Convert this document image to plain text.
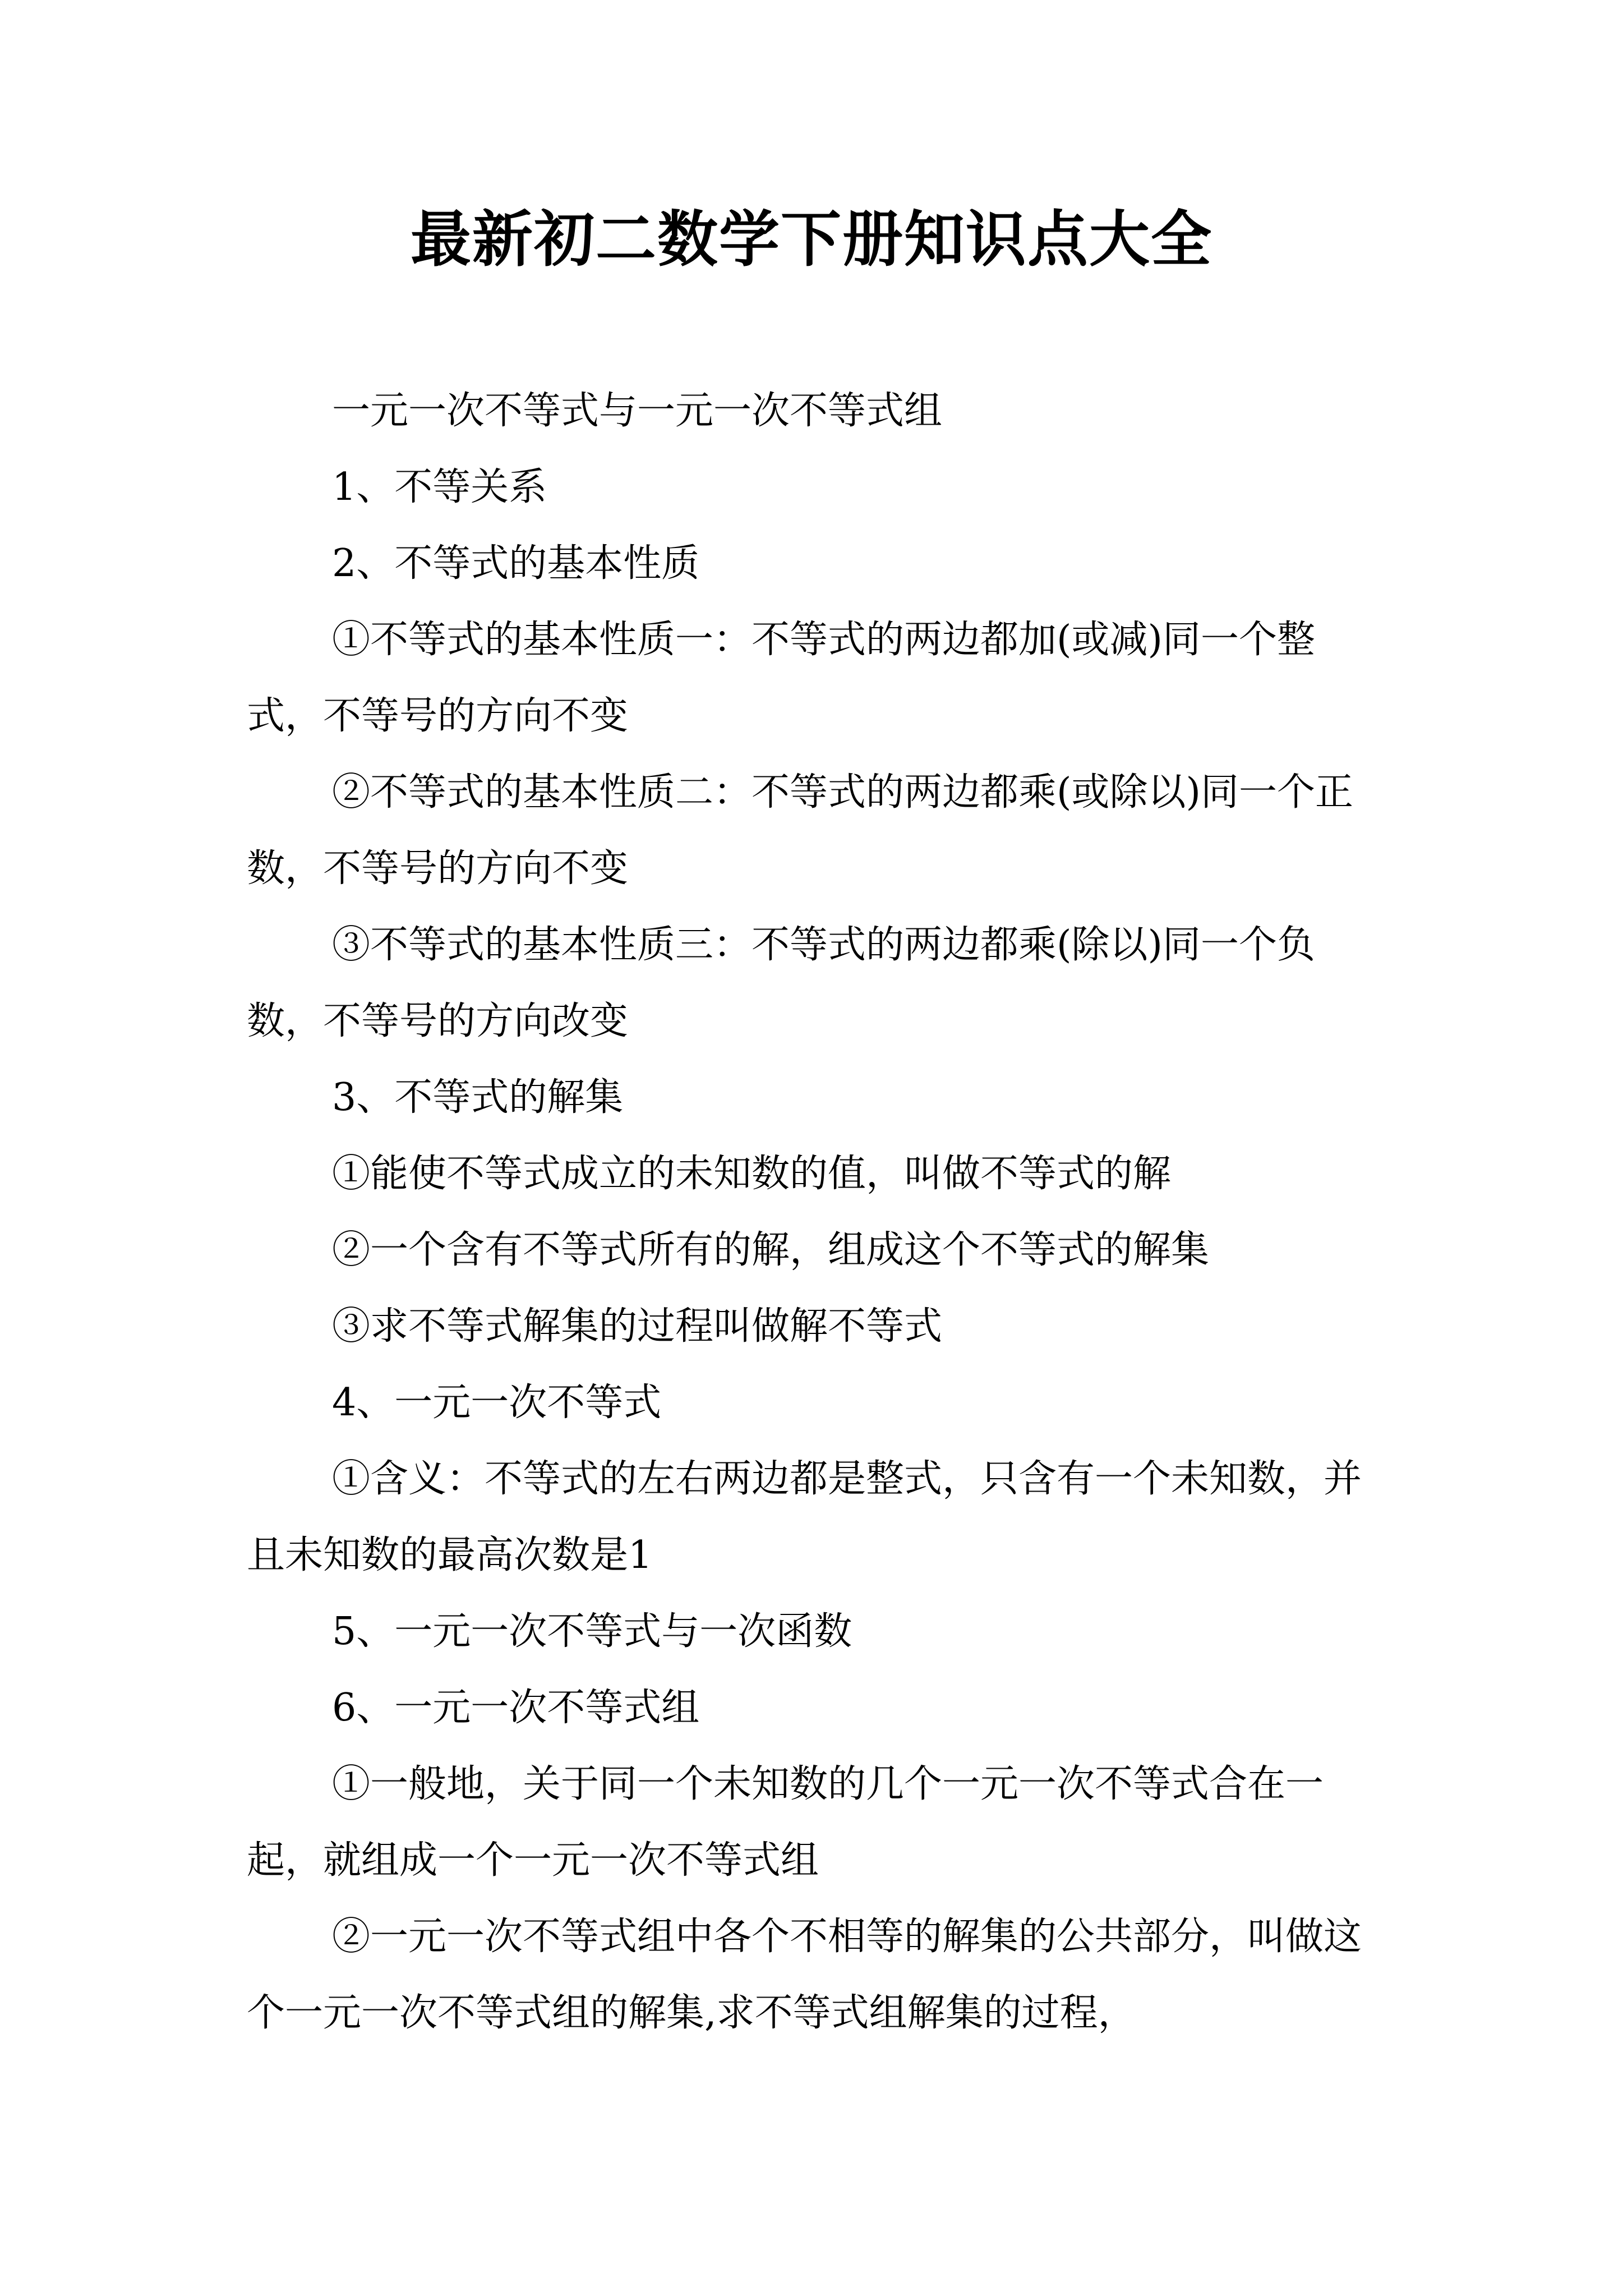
最新初二数学下册知识点大全

一元一次不等式与一元一次不等式组

1、不等关系

2、不等式的基本性质

①不等式的基本性质一：不等式的两边都加(或减)同一个整式，不等号的方向不变

②不等式的基本性质二：不等式的两边都乘(或除以)同一个正数，不等号的方向不变

③不等式的基本性质三：不等式的两边都乘(除以)同一个负数，不等号的方向改变

3、不等式的解集

①能使不等式成立的未知数的值，叫做不等式的解

②一个含有不等式所有的解，组成这个不等式的解集

③求不等式解集的过程叫做解不等式

4、一元一次不等式

①含义：不等式的左右两边都是整式，只含有一个未知数，并且未知数的最高次数是1

5、一元一次不等式与一次函数

6、一元一次不等式组

①一般地，关于同一个未知数的几个一元一次不等式合在一起，就组成一个一元一次不等式组

②一元一次不等式组中各个不相等的解集的公共部分，叫做这个一元一次不等式组的解集,求不等式组解集的过程，
